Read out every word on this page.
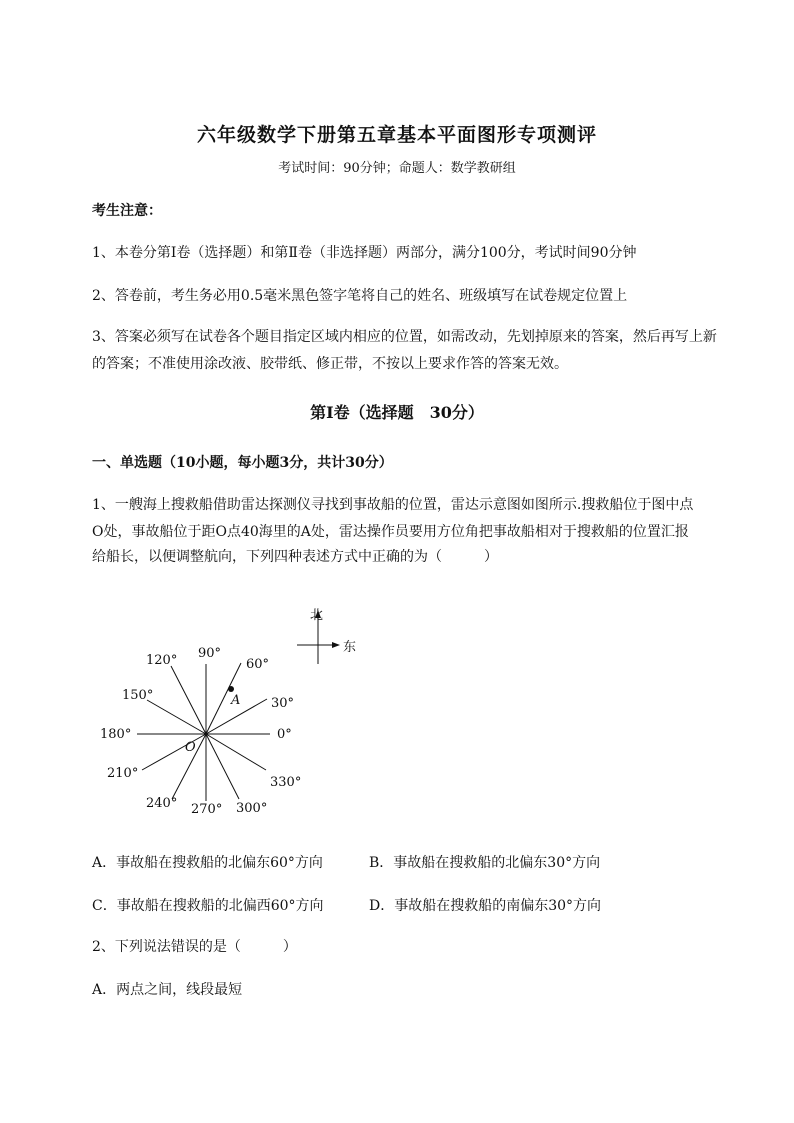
六年级数学下册第五章基本平面图形专项测评
考试时间：90分钟；命题人：数学教研组
考生注意：
1、本卷分第I卷（选择题）和第Ⅱ卷（非选择题）两部分，满分100分，考试时间90分钟
2、答卷前，考生务必用0.5毫米黑色签字笔将自己的姓名、班级填写在试卷规定位置上
3、答案必须写在试卷各个题目指定区域内相应的位置，如需改动，先划掉原来的答案，然后再写上新
的答案；不准使用涂改液、胶带纸、修正带，不按以上要求作答的答案无效。
第I卷（选择题　30分）
一、单选题（10小题，每小题3分，共计30分）
1、一艘海上搜救船借助雷达探测仪寻找到事故船的位置，雷达示意图如图所示.搜救船位于图中点
O处，事故船位于距O点40海里的A处，雷达操作员要用方位角把事故船相对于搜救船的位置汇报
给船长，以便调整航向，下列四种表述方式中正确的为（　　　）
北
东
A
O
0°
30°
60°
90°
120°
150°
180°
210°
240° 270° 300°
330°
A．事故船在搜救船的北偏东60°方向	B．事故船在搜救船的北偏东30°方向
C．事故船在搜救船的北偏西60°方向	D．事故船在搜救船的南偏东30°方向
2、下列说法错误的是（　　　）
A．两点之间，线段最短
